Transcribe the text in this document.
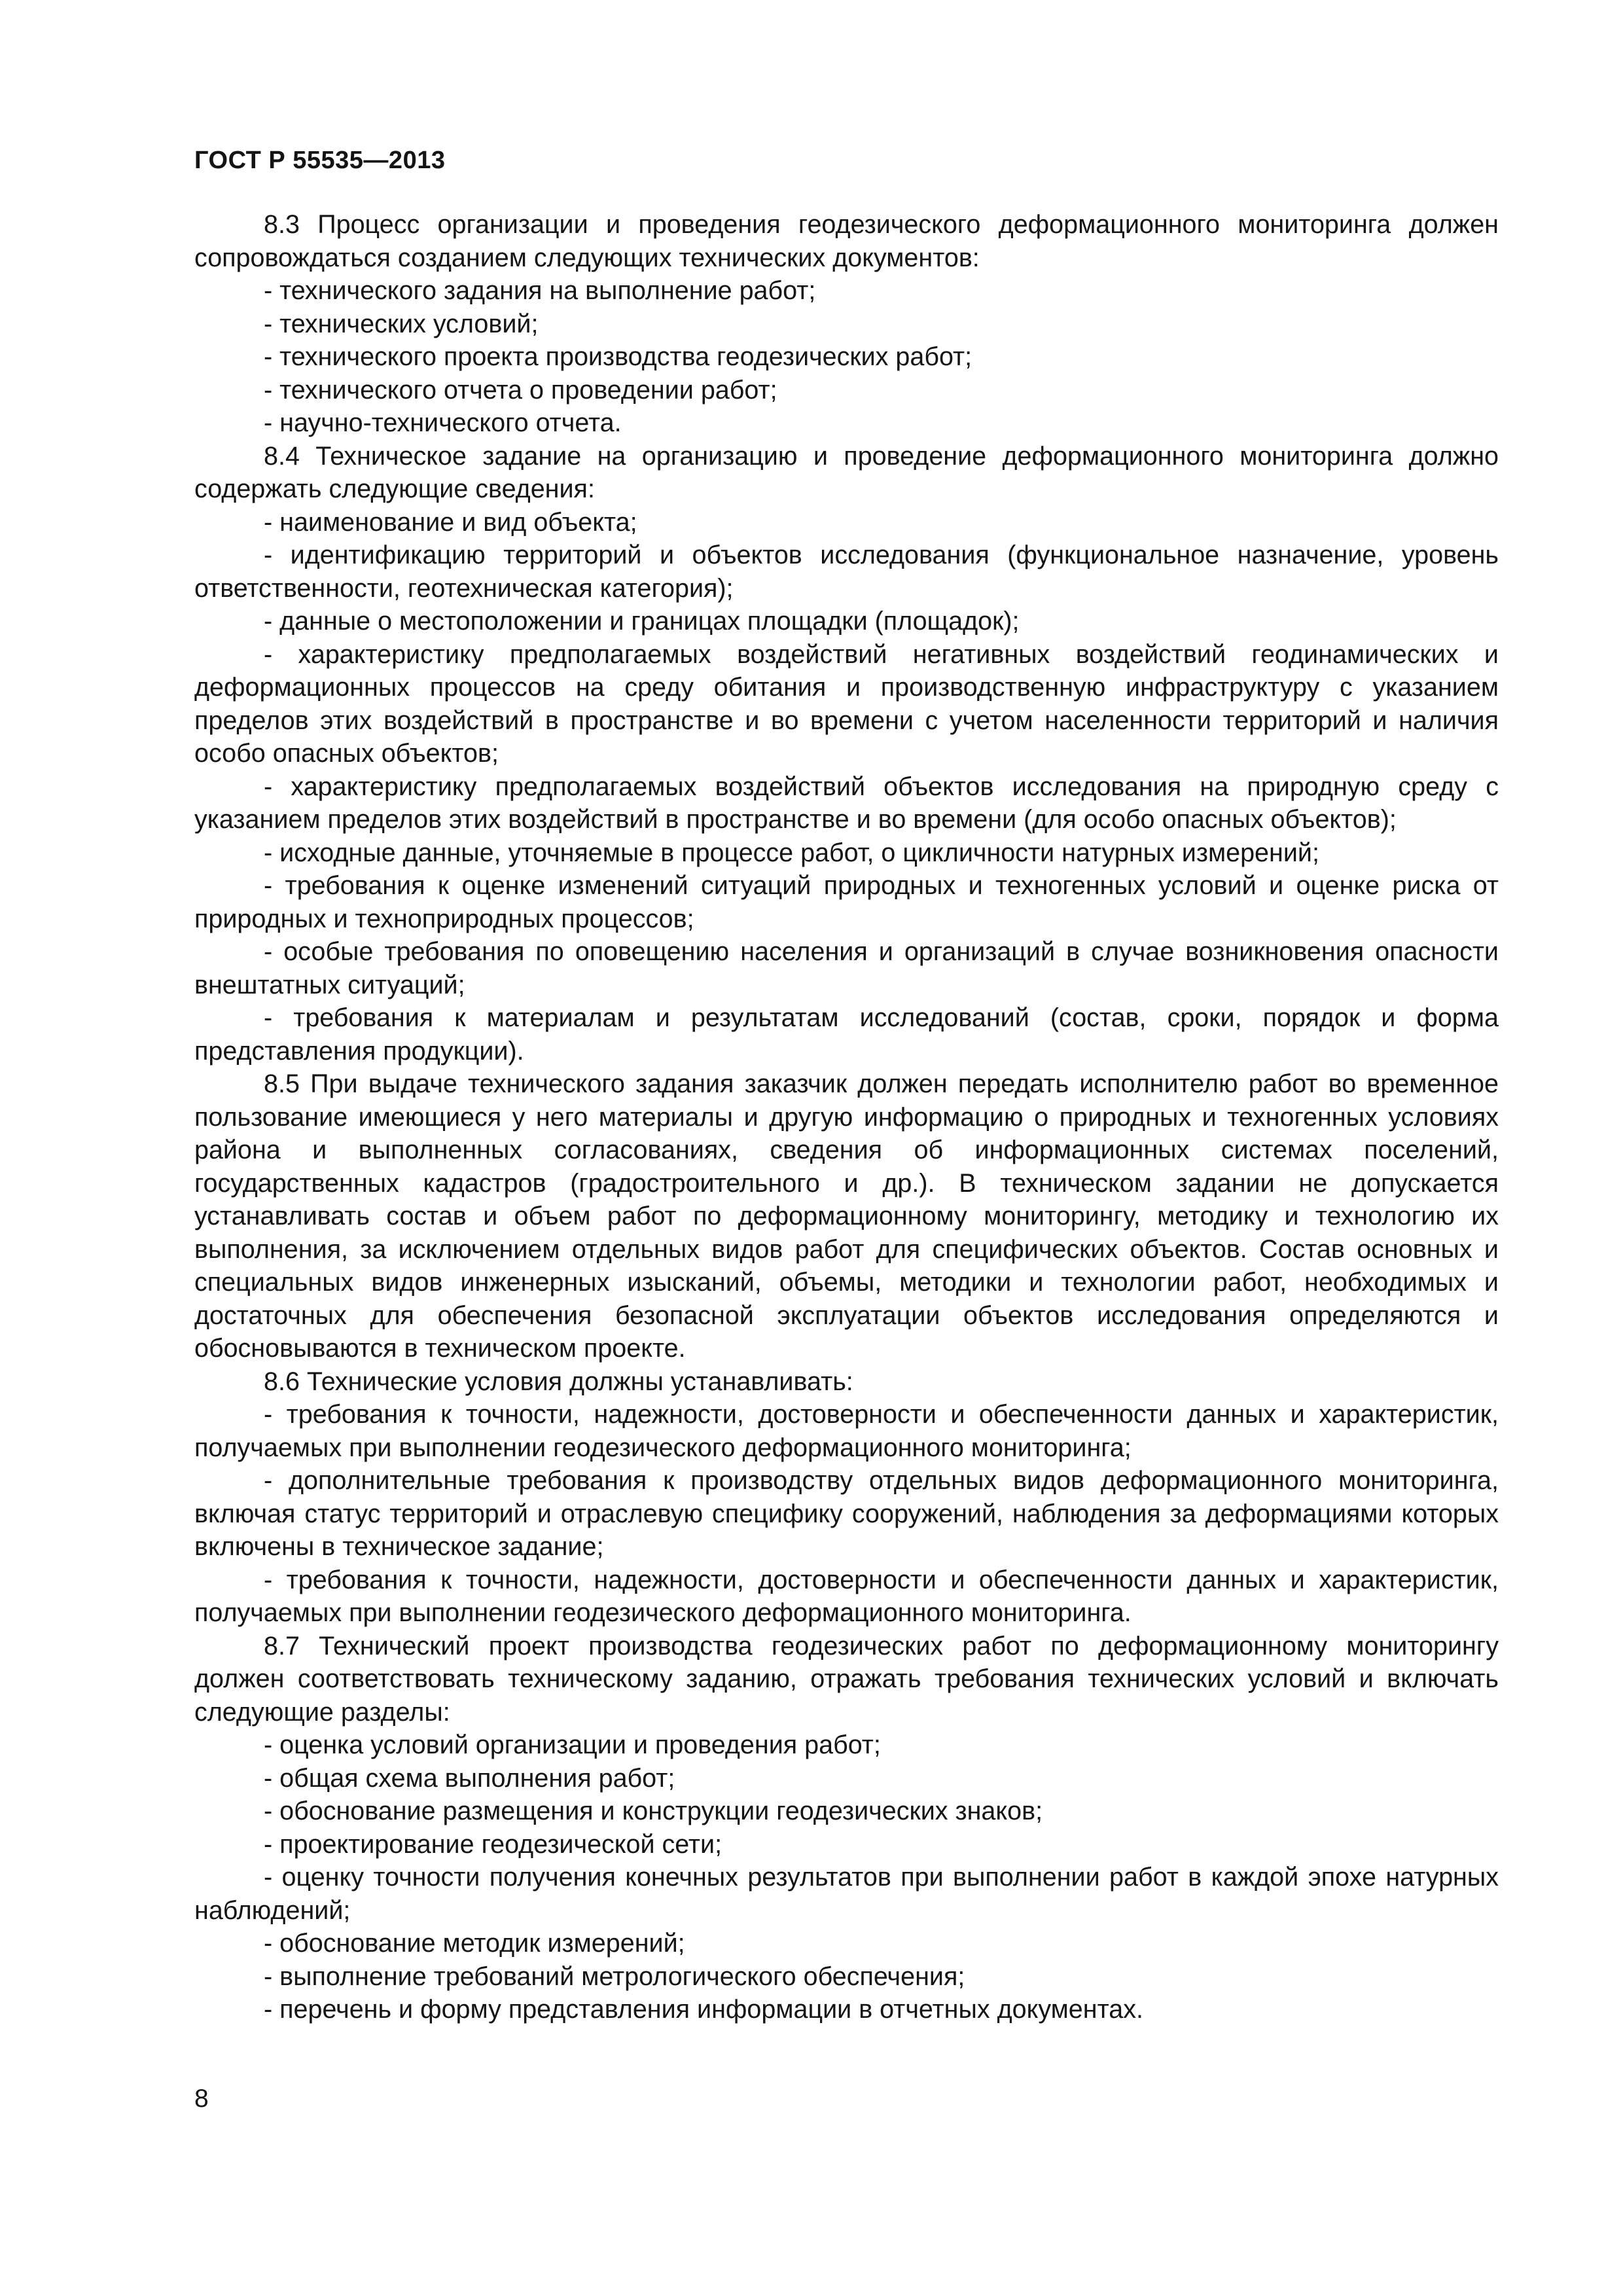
ГОСТ Р 55535—2013

8.3 Процесс организации и проведения геодезического деформационного мониторинга должен сопровождаться созданием следующих технических документов:

- технического задания на выполнение работ;

- технических условий;

- технического проекта производства геодезических работ;

- технического отчета о проведении работ;

- научно-технического отчета.

8.4 Техническое задание на организацию и проведение деформационного мониторинга должно содержать следующие сведения:

- наименование и вид объекта;

- идентификацию территорий и объектов исследования (функциональное назначение, уровень ответственности, геотехническая категория);

- данные о местоположении и границах площадки (площадок);

- характеристику предполагаемых воздействий негативных воздействий геодинамических и деформационных процессов на среду обитания и производственную инфраструктуру с указанием пределов этих воздействий в пространстве и во времени с учетом населенности территорий и наличия особо опасных объектов;

- характеристику предполагаемых воздействий объектов исследования на природную среду с указанием пределов этих воздействий в пространстве и во времени (для особо опасных объектов);

- исходные данные, уточняемые в процессе работ, о цикличности натурных измерений;

- требования к оценке изменений ситуаций природных и техногенных условий и оценке риска от природных и техноприродных процессов;

- особые требования по оповещению населения и организаций в случае возникновения опасности внештатных ситуаций;

- требования к материалам и результатам исследований (состав, сроки, порядок и форма представления продукции).

8.5 При выдаче технического задания заказчик должен передать исполнителю работ во временное пользование имеющиеся у него материалы и другую информацию о природных и техногенных условиях района и выполненных согласованиях, сведения об информационных системах поселений, государственных кадастров (градостроительного и др.). В техническом задании не допускается устанавливать состав и объем работ по деформационному мониторингу, методику и технологию их выполнения, за исключением отдельных видов работ для специфических объектов. Состав основных и специальных видов инженерных изысканий, объемы, методики и технологии работ, необходимых и достаточных для обеспечения безопасной эксплуатации объектов исследования определяются и обосновываются в техническом проекте.

8.6 Технические условия должны устанавливать:

- требования к точности, надежности, достоверности и обеспеченности данных и характеристик, получаемых при выполнении геодезического деформационного мониторинга;

- дополнительные требования к производству отдельных видов деформационного мониторинга, включая статус территорий и отраслевую специфику сооружений, наблюдения за деформациями которых включены в техническое задание;

- требования к точности, надежности, достоверности и обеспеченности данных и характеристик, получаемых при выполнении геодезического деформационного мониторинга.

8.7 Технический проект производства геодезических работ по деформационному мониторингу должен соответствовать техническому заданию, отражать требования технических условий и включать следующие разделы:

- оценка условий организации и проведения работ;

- общая схема выполнения работ;

- обоснование размещения и конструкции геодезических знаков;

- проектирование геодезической сети;

- оценку точности получения конечных результатов при выполнении работ в каждой эпохе натурных наблюдений;

- обоснование методик измерений;

- выполнение требований метрологического обеспечения;

- перечень и форму представления информации в отчетных документах.

8
